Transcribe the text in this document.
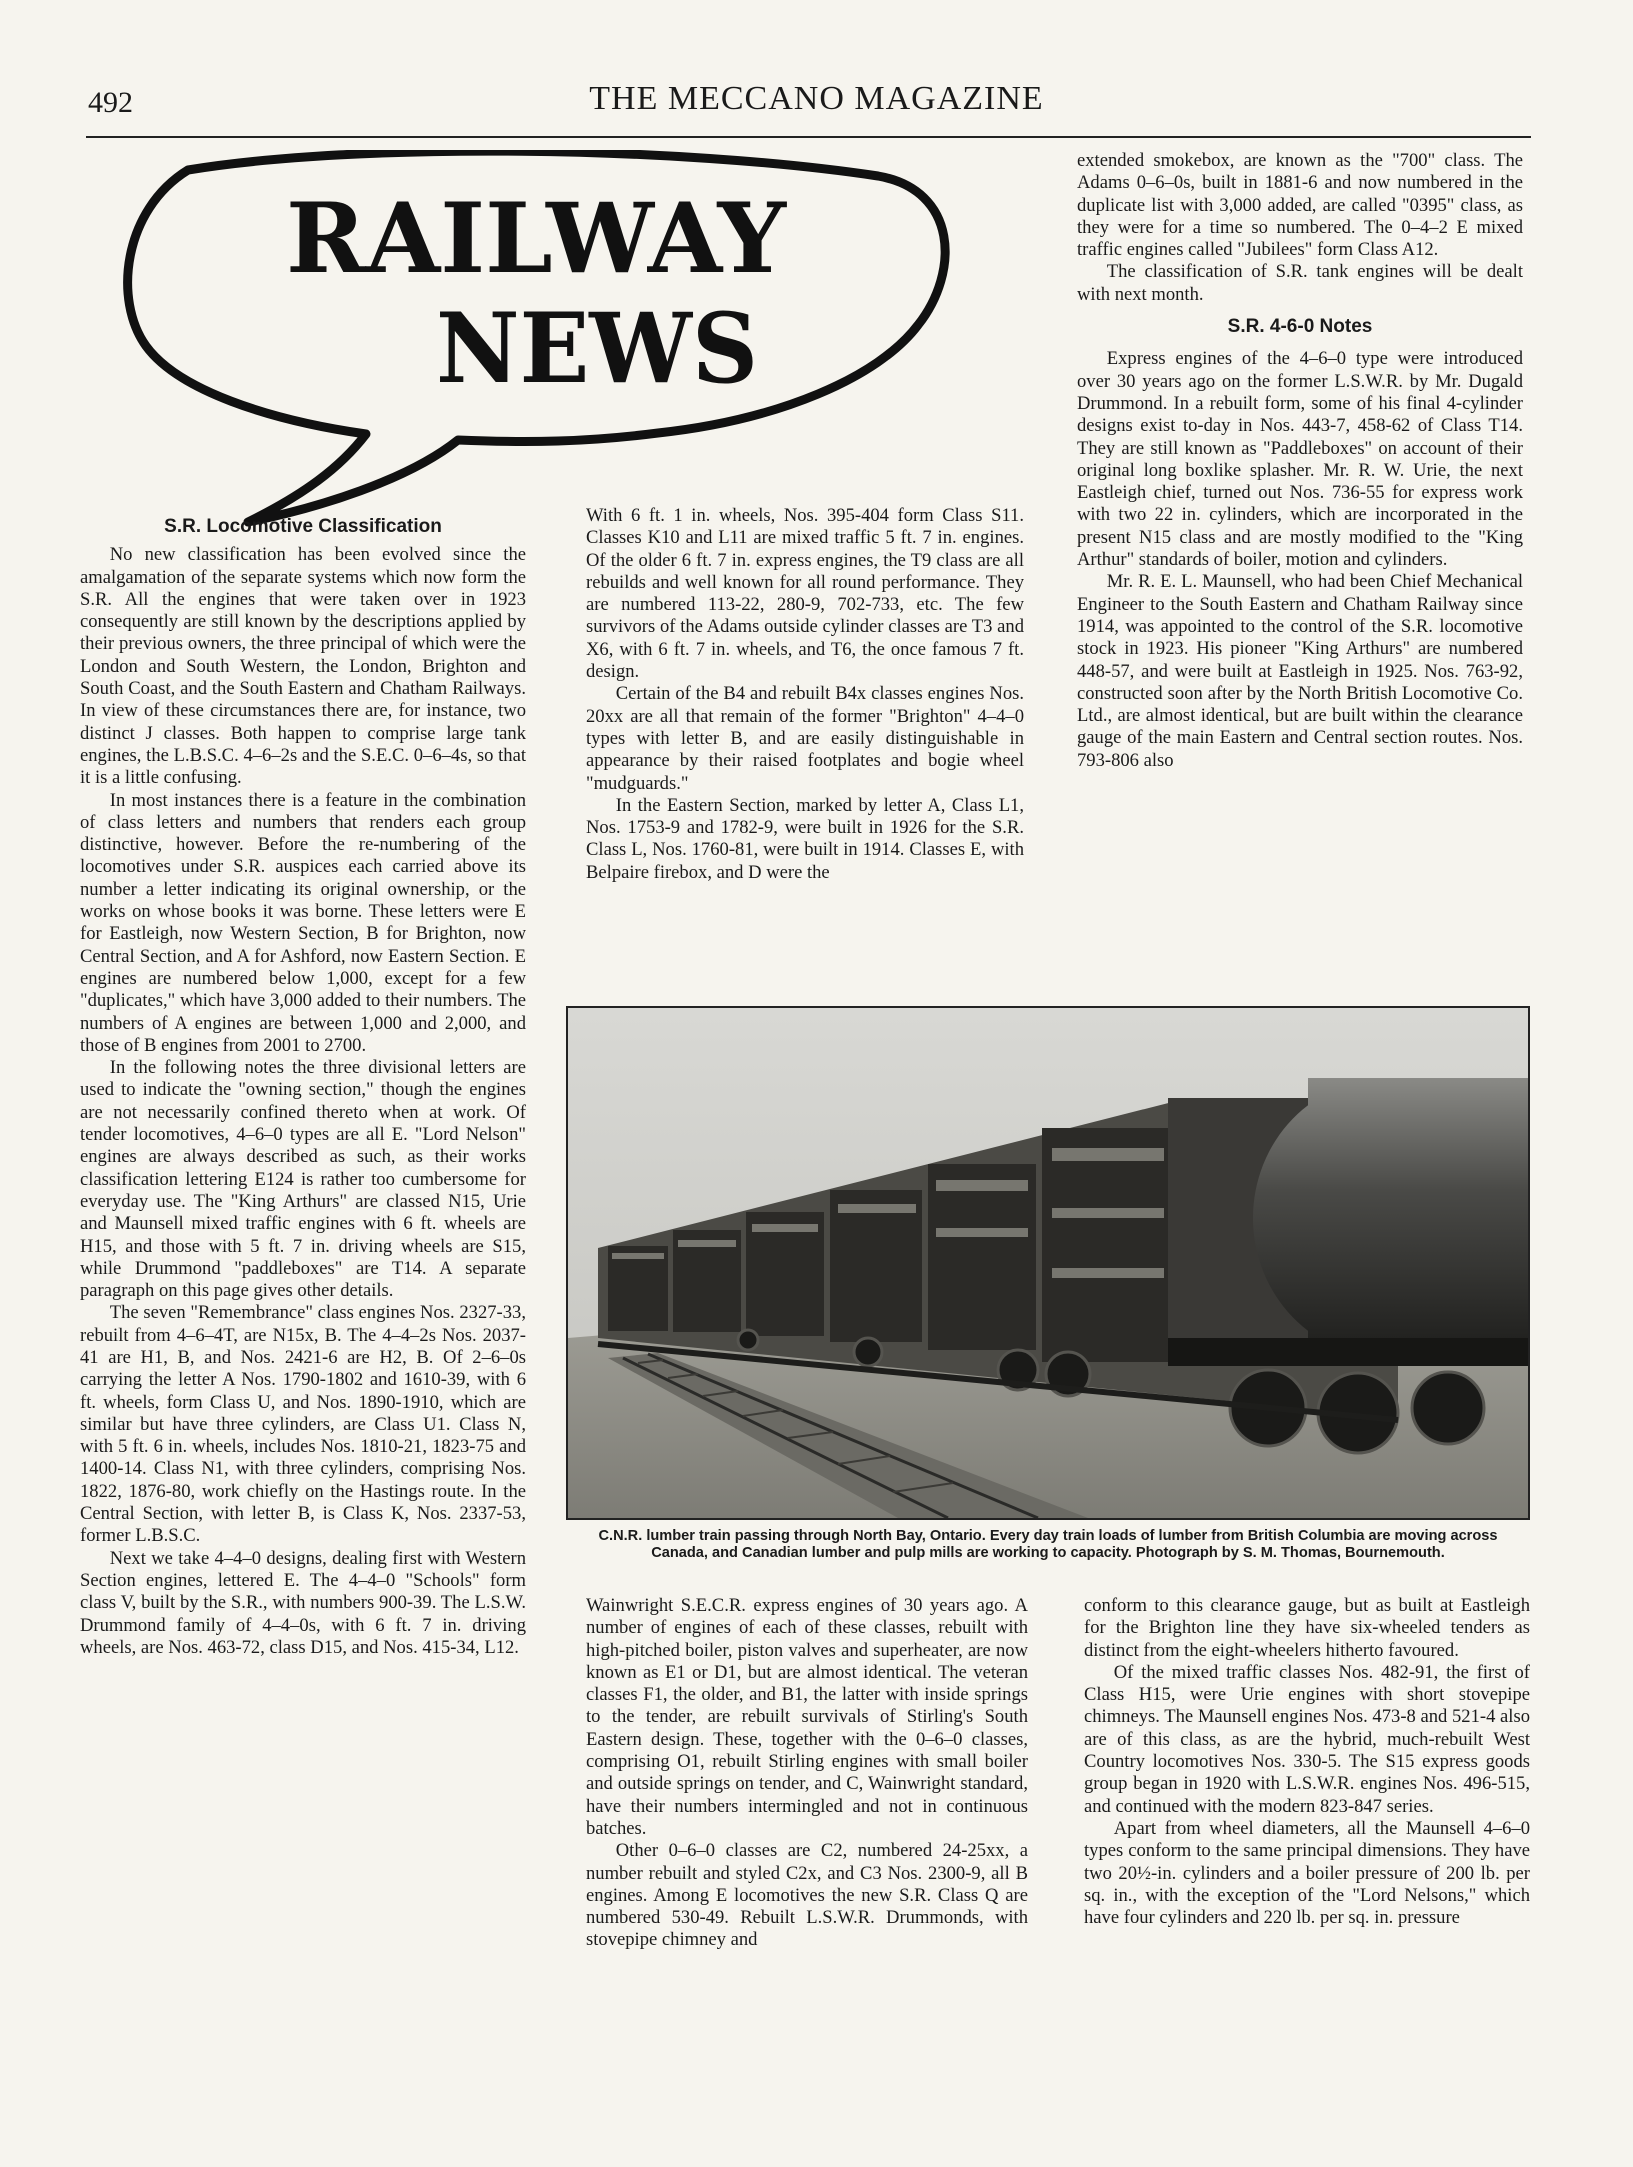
492	THE MECCANO MAGAZINE
RAILWAY
NEWS
S.R. Locomotive Classification

No new classification has been evolved since the amalgamation of the separate systems which now form the S.R. All the engines that were taken over in 1923 consequently are still known by the descriptions applied by their previous owners, the three principal of which were the London and South Western, the London, Brighton and South Coast, and the South Eastern and Chatham Railways. In view of these circumstances there are, for instance, two distinct J classes. Both happen to comprise large tank engines, the L.B.S.C. 4–6–2s and the S.E.C. 0–6–4s, so that it is a little confusing.

In most instances there is a feature in the combination of class letters and numbers that renders each group distinctive, however. Before the re-numbering of the locomotives under S.R. auspices each carried above its number a letter indicating its original ownership, or the works on whose books it was borne. These letters were E for Eastleigh, now Western Section, B for Brighton, now Central Section, and A for Ashford, now Eastern Section. E engines are numbered below 1,000, except for a few "duplicates," which have 3,000 added to their numbers. The numbers of A engines are between 1,000 and 2,000, and those of B engines from 2001 to 2700.

In the following notes the three divisional letters are used to indicate the "owning section," though the engines are not necessarily confined thereto when at work. Of tender locomotives, 4–6–0 types are all E. "Lord Nelson" engines are always described as such, as their works classification lettering E124 is rather too cumbersome for everyday use. The "King Arthurs" are classed N15, Urie and Maunsell mixed traffic engines with 6 ft. wheels are H15, and those with 5 ft. 7 in. driving wheels are S15, while Drummond "paddleboxes" are T14. A separate paragraph on this page gives other details.

The seven "Remembrance" class engines Nos. 2327-33, rebuilt from 4–6–4T, are N15x, B. The 4–4–2s Nos. 2037-41 are H1, B, and Nos. 2421-6 are H2, B. Of 2–6–0s carrying the letter A Nos. 1790-1802 and 1610-39, with 6 ft. wheels, form Class U, and Nos. 1890-1910, which are similar but have three cylinders, are Class U1. Class N, with 5 ft. 6 in. wheels, includes Nos. 1810-21, 1823-75 and 1400-14. Class N1, with three cylinders, comprising Nos. 1822, 1876-80, work chiefly on the Hastings route. In the Central Section, with letter B, is Class K, Nos. 2337-53, former L.B.S.C.

Next we take 4–4–0 designs, dealing first with Western Section engines, lettered E. The 4–4–0 "Schools" form class V, built by the S.R., with numbers 900-39. The L.S.W. Drummond family of 4–4–0s, with 6 ft. 7 in. driving wheels, are Nos. 463-72, class D15, and Nos. 415-34, L12.

With 6 ft. 1 in. wheels, Nos. 395-404 form Class S11. Classes K10 and L11 are mixed traffic 5 ft. 7 in. engines. Of the older 6 ft. 7 in. express engines, the T9 class are all rebuilds and well known for all round performance. They are numbered 113-22, 280-9, 702-733, etc. The few survivors of the Adams outside cylinder classes are T3 and X6, with 6 ft. 7 in. wheels, and T6, the once famous 7 ft. design.

Certain of the B4 and rebuilt B4x classes engines Nos. 20xx are all that remain of the former "Brighton" 4–4–0 types with letter B, and are easily distinguishable in appearance by their raised footplates and bogie wheel "mudguards."

In the Eastern Section, marked by letter A, Class L1, Nos. 1753-9 and 1782-9, were built in 1926 for the S.R. Class L, Nos. 1760-81, were built in 1914. Classes E, with Belpaire firebox, and D were the

extended smokebox, are known as the "700" class. The Adams 0–6–0s, built in 1881-6 and now numbered in the duplicate list with 3,000 added, are called "0395" class, as they were for a time so numbered. The 0–4–2 E mixed traffic engines called "Jubilees" form Class A12.

The classification of S.R. tank engines will be dealt with next month.

S.R. 4-6-0 Notes

Express engines of the 4–6–0 type were introduced over 30 years ago on the former L.S.W.R. by Mr. Dugald Drummond. In a rebuilt form, some of his final 4-cylinder designs exist to-day in Nos. 443-7, 458-62 of Class T14. They are still known as "Paddleboxes" on account of their original long boxlike splasher. Mr. R. W. Urie, the next Eastleigh chief, turned out Nos. 736-55 for express work with two 22 in. cylinders, which are incorporated in the present N15 class and are mostly modified to the "King Arthur" standards of boiler, motion and cylinders.

Mr. R. E. L. Maunsell, who had been Chief Mechanical Engineer to the South Eastern and Chatham Railway since 1914, was appointed to the control of the S.R. locomotive stock in 1923. His pioneer "King Arthurs" are numbered 448-57, and were built at Eastleigh in 1925. Nos. 763-92, constructed soon after by the North British Locomotive Co. Ltd., are almost identical, but are built within the clearance gauge of the main Eastern and Central section routes. Nos. 793-806 also

C.N.R. lumber train passing through North Bay, Ontario. Every day train loads of lumber from British Columbia are moving across Canada, and Canadian lumber and pulp mills are working to capacity. Photograph by S. M. Thomas, Bournemouth.

Wainwright S.E.C.R. express engines of 30 years ago. A number of engines of each of these classes, rebuilt with high-pitched boiler, piston valves and superheater, are now known as E1 or D1, but are almost identical. The veteran classes F1, the older, and B1, the latter with inside springs to the tender, are rebuilt survivals of Stirling's South Eastern design. These, together with the 0–6–0 classes, comprising O1, rebuilt Stirling engines with small boiler and outside springs on tender, and C, Wainwright standard, have their numbers intermingled and not in continuous batches.

Other 0–6–0 classes are C2, numbered 24-25xx, a number rebuilt and styled C2x, and C3 Nos. 2300-9, all B engines. Among E locomotives the new S.R. Class Q are numbered 530-49. Rebuilt L.S.W.R. Drummonds, with stovepipe chimney and

conform to this clearance gauge, but as built at Eastleigh for the Brighton line they have six-wheeled tenders as distinct from the eight-wheelers hitherto favoured.

Of the mixed traffic classes Nos. 482-91, the first of Class H15, were Urie engines with short stovepipe chimneys. The Maunsell engines Nos. 473-8 and 521-4 also are of this class, as are the hybrid, much-rebuilt West Country locomotives Nos. 330-5. The S15 express goods group began in 1920 with L.S.W.R. engines Nos. 496-515, and continued with the modern 823-847 series.

Apart from wheel diameters, all the Maunsell 4–6–0 types conform to the same principal dimensions. They have two 20½-in. cylinders and a boiler pressure of 200 lb. per sq. in., with the exception of the "Lord Nelsons," which have four cylinders and 220 lb. per sq. in. pressure
